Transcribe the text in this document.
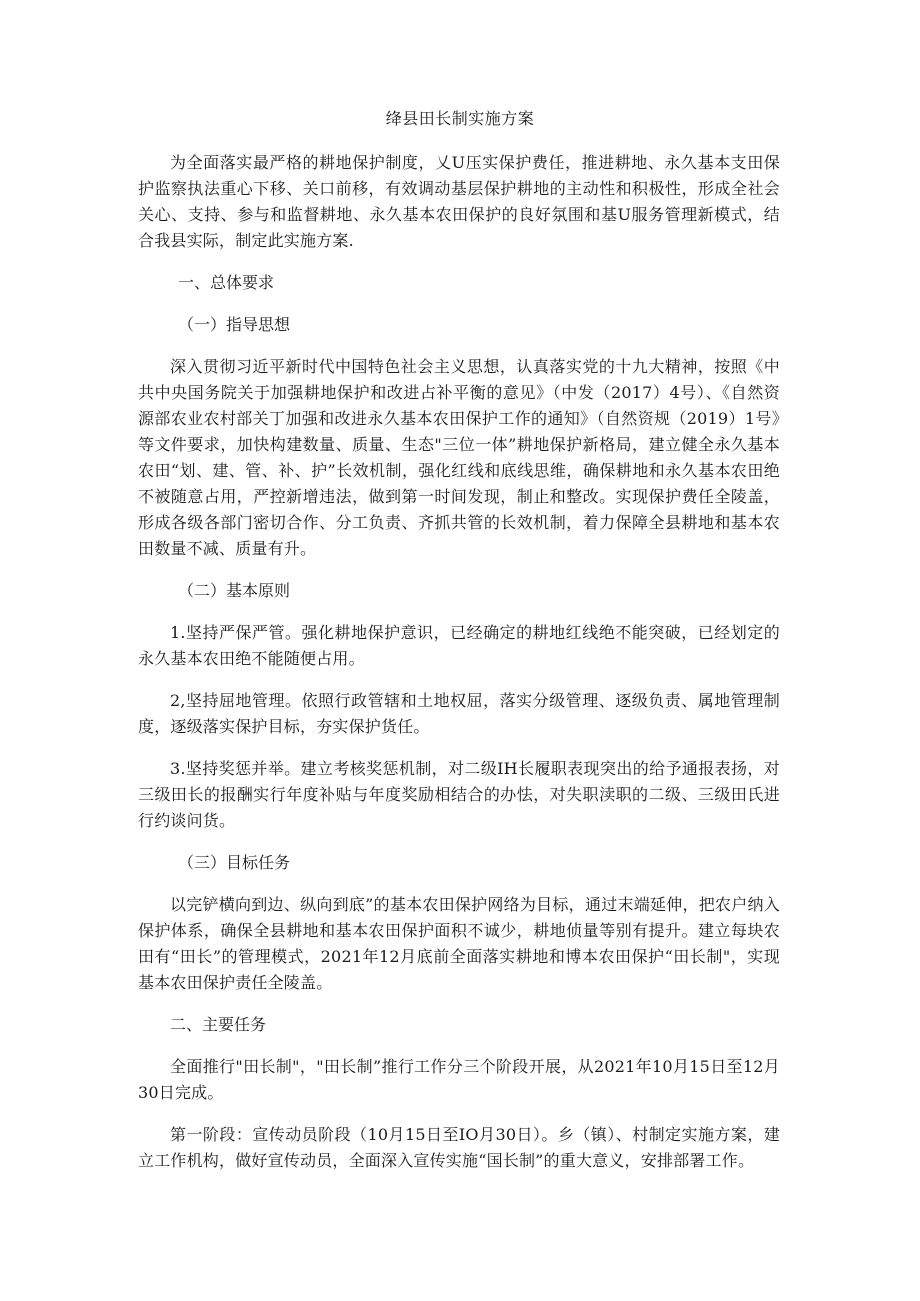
绛县田长制实施方案

为全面落实最严格的耕地保护制度，乂U压实保护费任，推进耕地、永久基本支田保护监察执法重心下移、关口前移，有效调动基层保护耕地的主动性和积极性，形成全社会关心、支持、参与和监督耕地、永久基本农田保护的良好氛围和基U服务管理新模式，结合我县实际，制定此实施方案.

一、总体要求
（一）指导思想

深入贯彻习近平新时代中国特色社会主义思想，认真落实党的十九大精神，按照《中共中央国务院关于加强耕地保护和改进占补平衡的意见》（中发（2017）4号）、《自然资源部农业农村部关丁加强和改进永久基本农田保护工作的通知》（自然资规（2019）1号》等文件要求，加快构建数量、质量、生态"三位一体”耕地保护新格局，建立健全永久基本农田“划、建、管、补、护”长效机制，强化红线和底线思维，确保耕地和永久基本农田绝不被随意占用，严控新增违法，做到第一时间发现，制止和整改。实现保护费任全陵盖，形成各级各部门密切合作、分工负责、齐抓共管的长效机制，着力保障全县耕地和基本农田数量不减、质量有升。

（二）基本原则

1.坚持严保严管。强化耕地保护意识，已经确定的耕地红线绝不能突破，已经划定的永久基本农田绝不能随便占用。

2,坚持屈地管理。依照行政管辖和土地权屈，落实分级管理、逐级负责、属地管理制度，逐级落实保护目标，夯实保护货任。

3.坚持奖惩并举。建立考核奖惩机制，对二级IH长履职表现突出的给予通报表扬，对三级田长的报酬实行年度补贴与年度奖励相结合的办怯，对失职渎职的二级、三级田氏进行约谈问货。

（三）目标任务

以完铲横向到边、纵向到底”的基本农田保护网络为目标，通过末端延伸，把农户纳入保护体系，确保全县耕地和基本农田保护面积不诚少，耕地侦量等别有提升。建立每块农田有“田长”的管理模式，2021年12月底前全面落实耕地和博本农田保护“田长制"，实现基本农田保护责任全陵盖。

二、主要任务

全面推行"田长制"，"田长制”推行工作分三个阶段开展，从2021年10月15日至12月30日完成。

第一阶段：宣传动员阶段（10月15日至IO月30日）。乡（镇）、村制定实施方案，建立工作机构，做好宣传动员，全面深入宣传实施“国长制”的重大意义，安排部署工作。
